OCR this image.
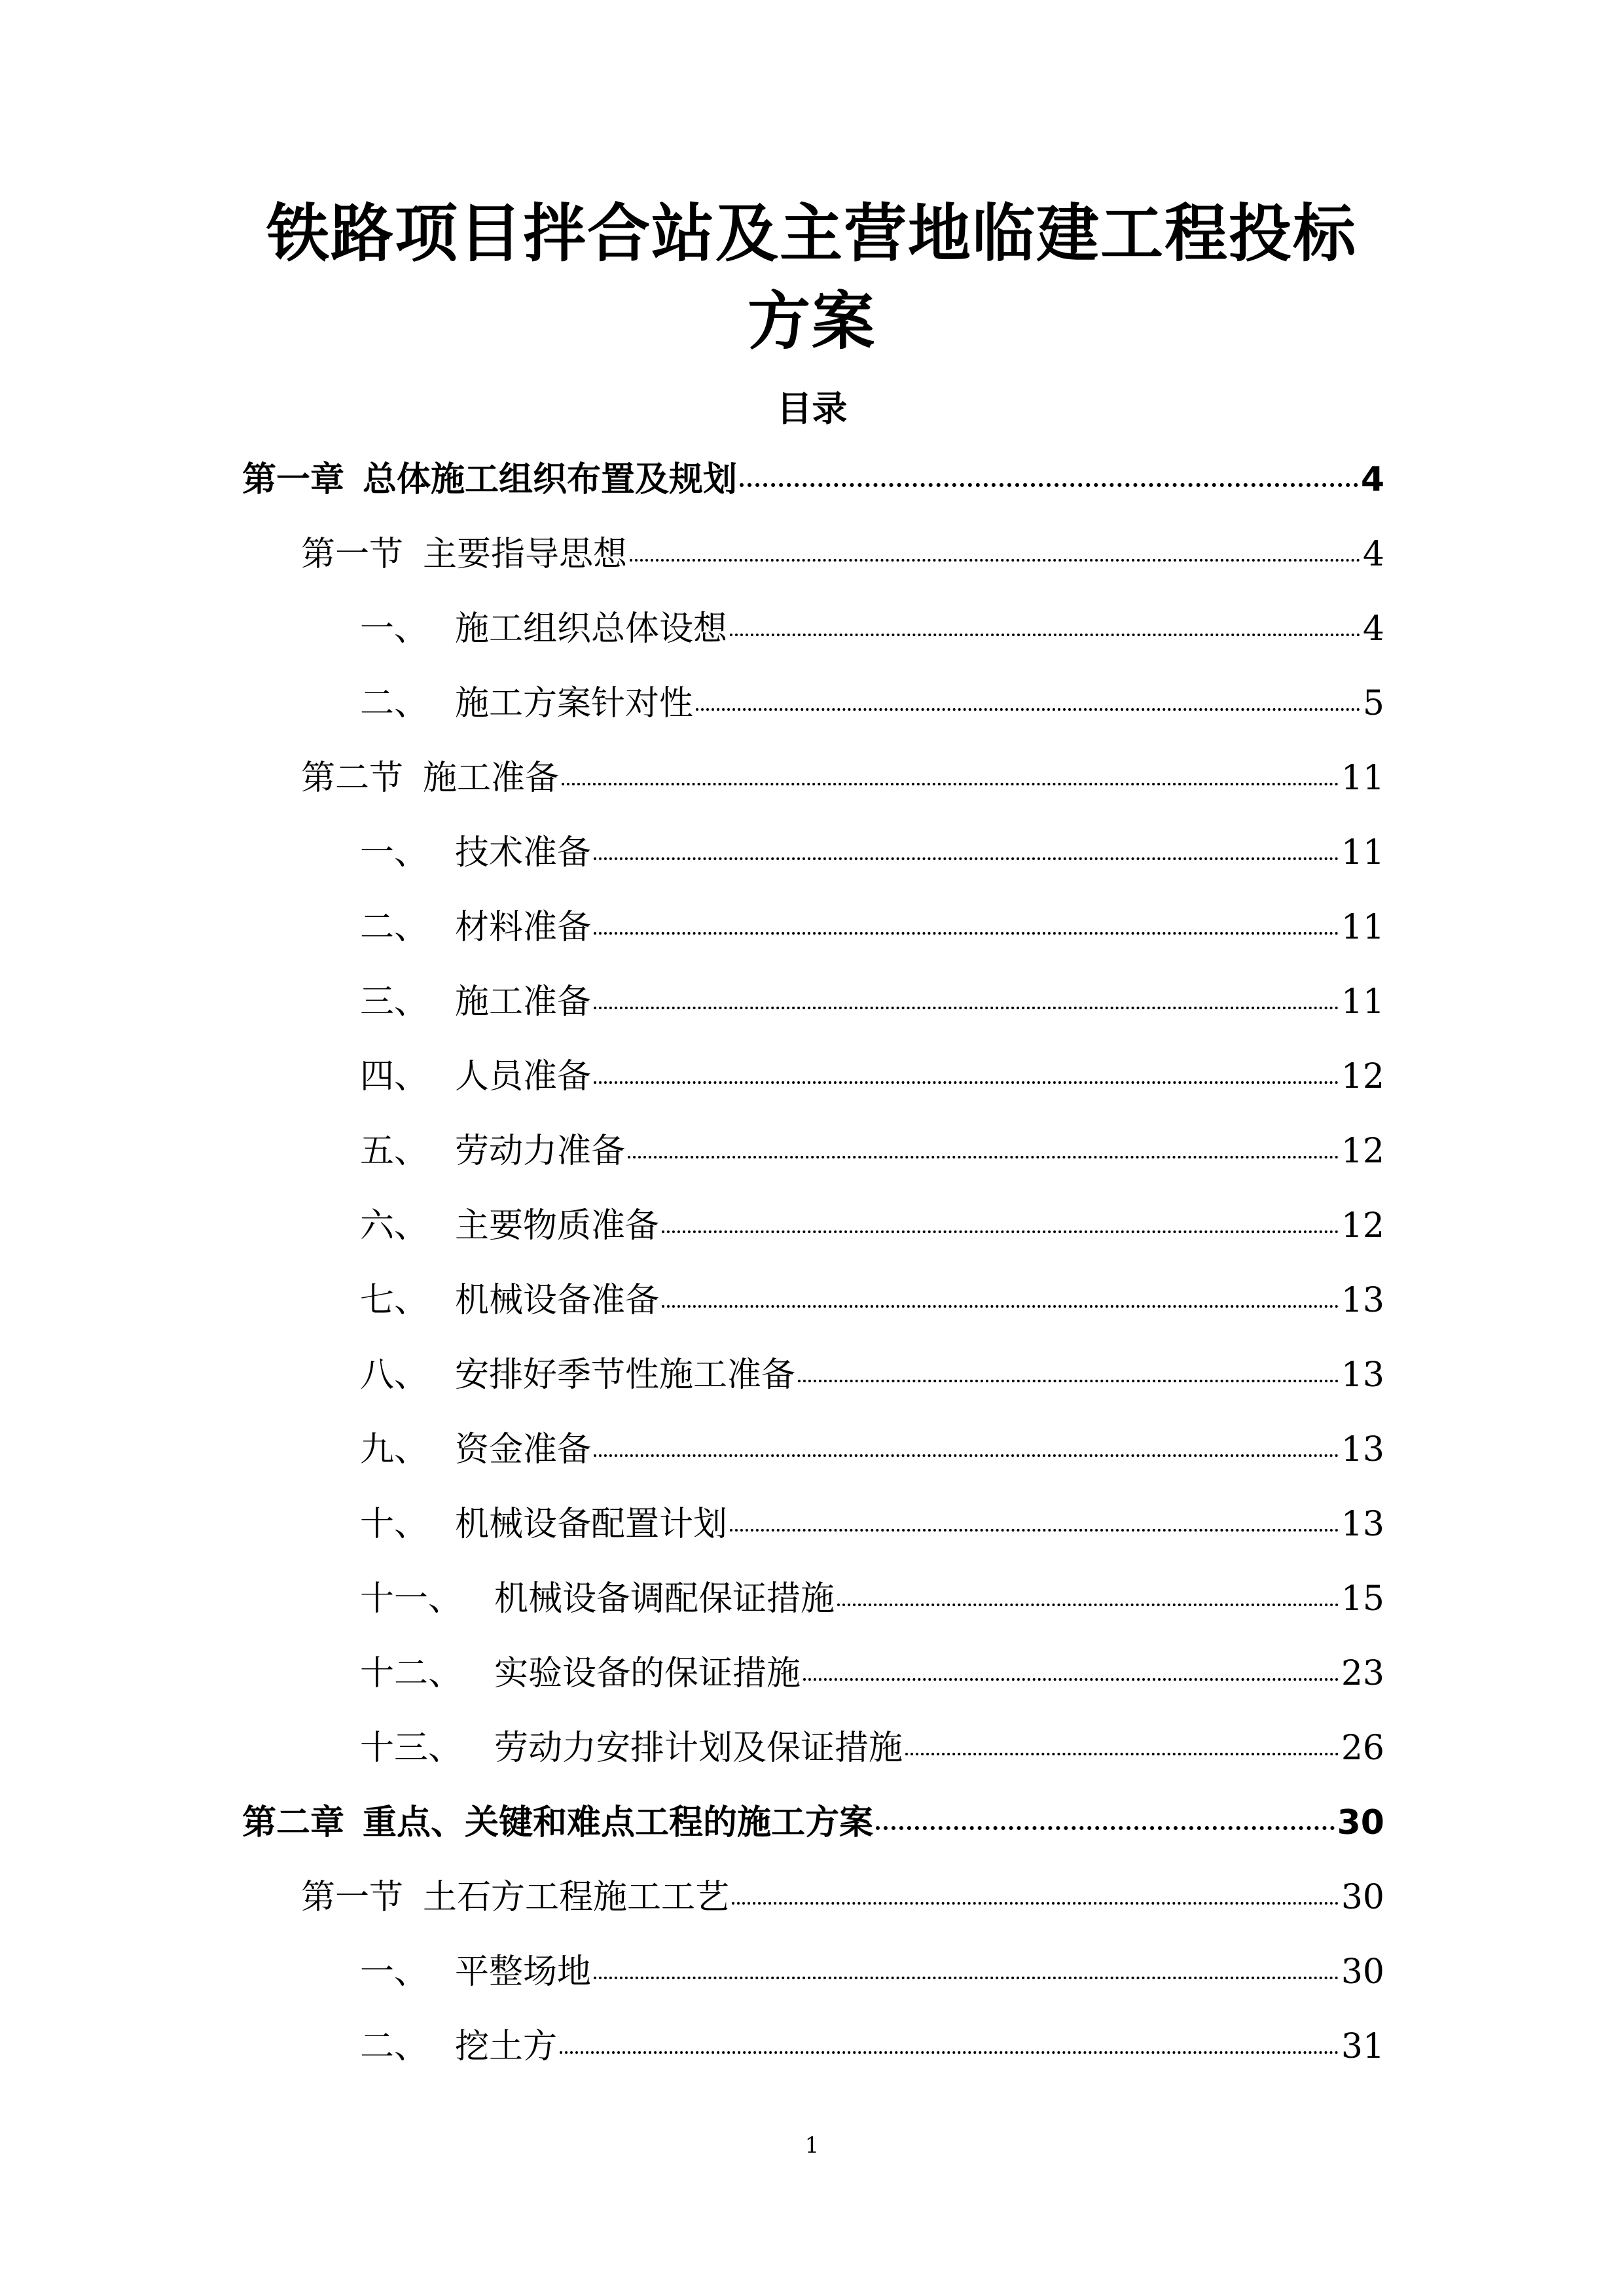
铁路项目拌合站及主营地临建工程投标方案
目录
第一章 总体施工组织布置及规划	4
第一节 主要指导思想	4
一、 施工组织总体设想	4
二、 施工方案针对性	5
第二节 施工准备	11
一、 技术准备	11
二、 材料准备	11
三、 施工准备	11
四、 人员准备	12
五、 劳动力准备	12
六、 主要物质准备	12
七、 机械设备准备	13
八、 安排好季节性施工准备	13
九、 资金准备	13
十、 机械设备配置计划	13
十一、 机械设备调配保证措施	15
十二、 实验设备的保证措施	23
十三、 劳动力安排计划及保证措施	26
第二章 重点、关键和难点工程的施工方案	30
第一节 土石方工程施工工艺	30
一、 平整场地	30
二、 挖土方	31
1
